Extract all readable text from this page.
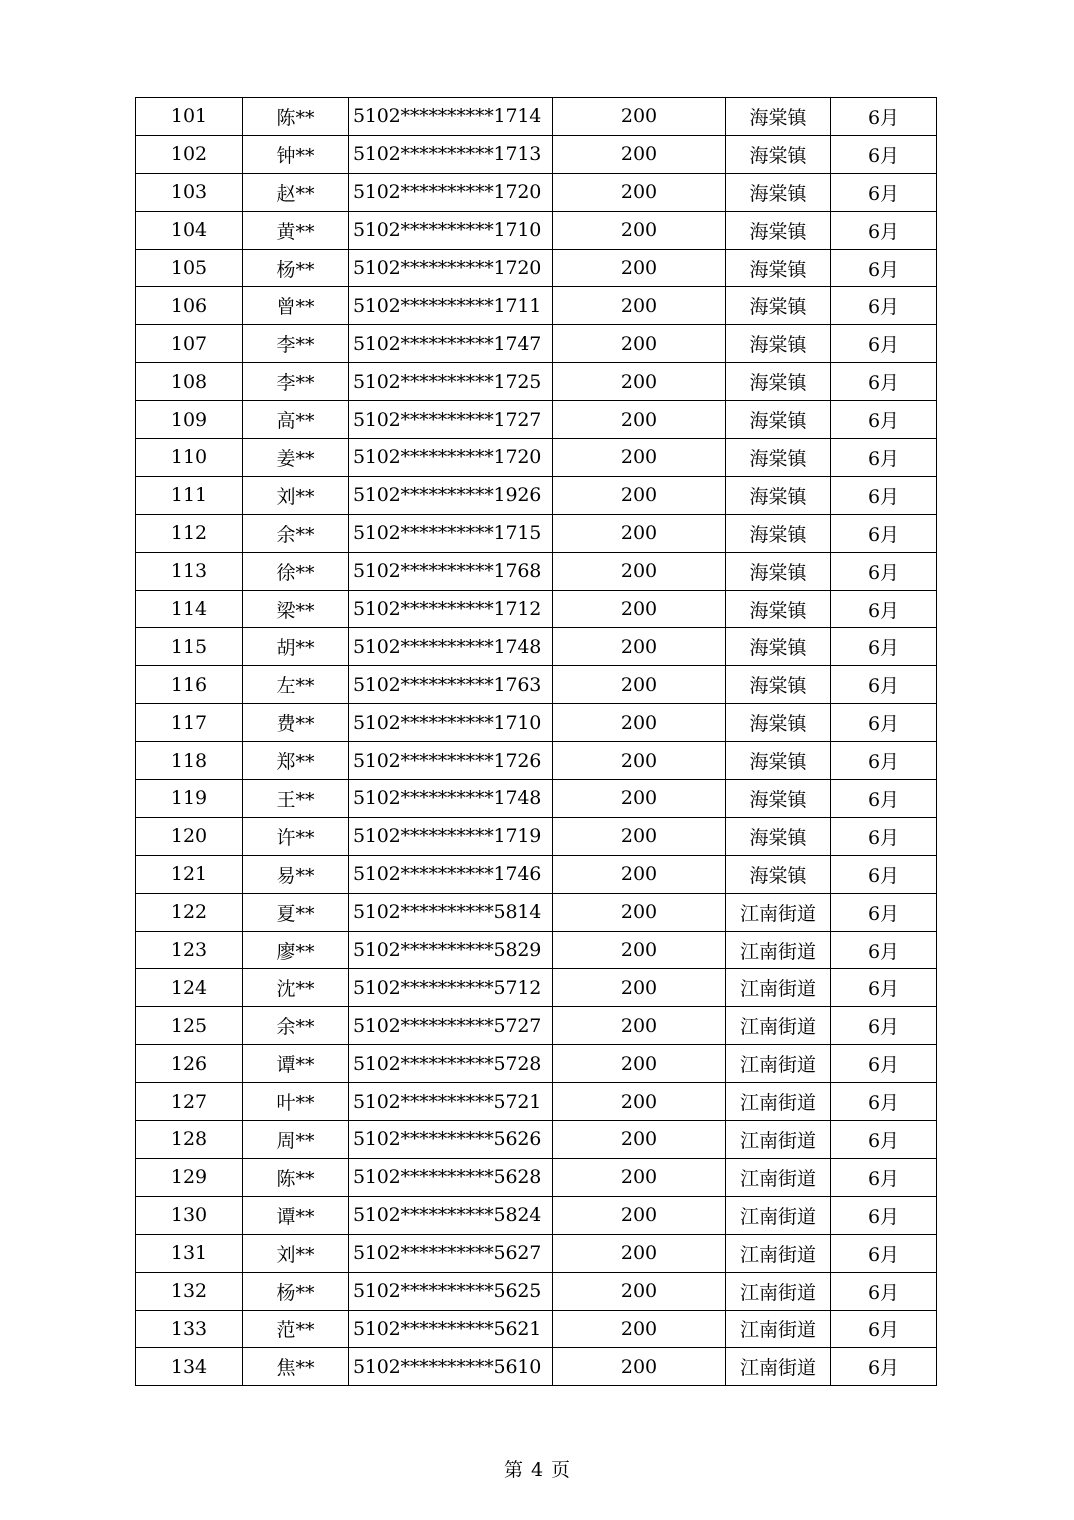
101	陈**	5102**********1714	200	海棠镇	6月
102	钟**	5102**********1713	200	海棠镇	6月
103	赵**	5102**********1720	200	海棠镇	6月
104	黄**	5102**********1710	200	海棠镇	6月
105	杨**	5102**********1720	200	海棠镇	6月
106	曾**	5102**********1711	200	海棠镇	6月
107	李**	5102**********1747	200	海棠镇	6月
108	李**	5102**********1725	200	海棠镇	6月
109	高**	5102**********1727	200	海棠镇	6月
110	姜**	5102**********1720	200	海棠镇	6月
111	刘**	5102**********1926	200	海棠镇	6月
112	余**	5102**********1715	200	海棠镇	6月
113	徐**	5102**********1768	200	海棠镇	6月
114	梁**	5102**********1712	200	海棠镇	6月
115	胡**	5102**********1748	200	海棠镇	6月
116	左**	5102**********1763	200	海棠镇	6月
117	费**	5102**********1710	200	海棠镇	6月
118	郑**	5102**********1726	200	海棠镇	6月
119	王**	5102**********1748	200	海棠镇	6月
120	许**	5102**********1719	200	海棠镇	6月
121	易**	5102**********1746	200	海棠镇	6月
122	夏**	5102**********5814	200	江南街道	6月
123	廖**	5102**********5829	200	江南街道	6月
124	沈**	5102**********5712	200	江南街道	6月
125	余**	5102**********5727	200	江南街道	6月
126	谭**	5102**********5728	200	江南街道	6月
127	叶**	5102**********5721	200	江南街道	6月
128	周**	5102**********5626	200	江南街道	6月
129	陈**	5102**********5628	200	江南街道	6月
130	谭**	5102**********5824	200	江南街道	6月
131	刘**	5102**********5627	200	江南街道	6月
132	杨**	5102**********5625	200	江南街道	6月
133	范**	5102**********5621	200	江南街道	6月
134	焦**	5102**********5610	200	江南街道	6月
第 4 页
